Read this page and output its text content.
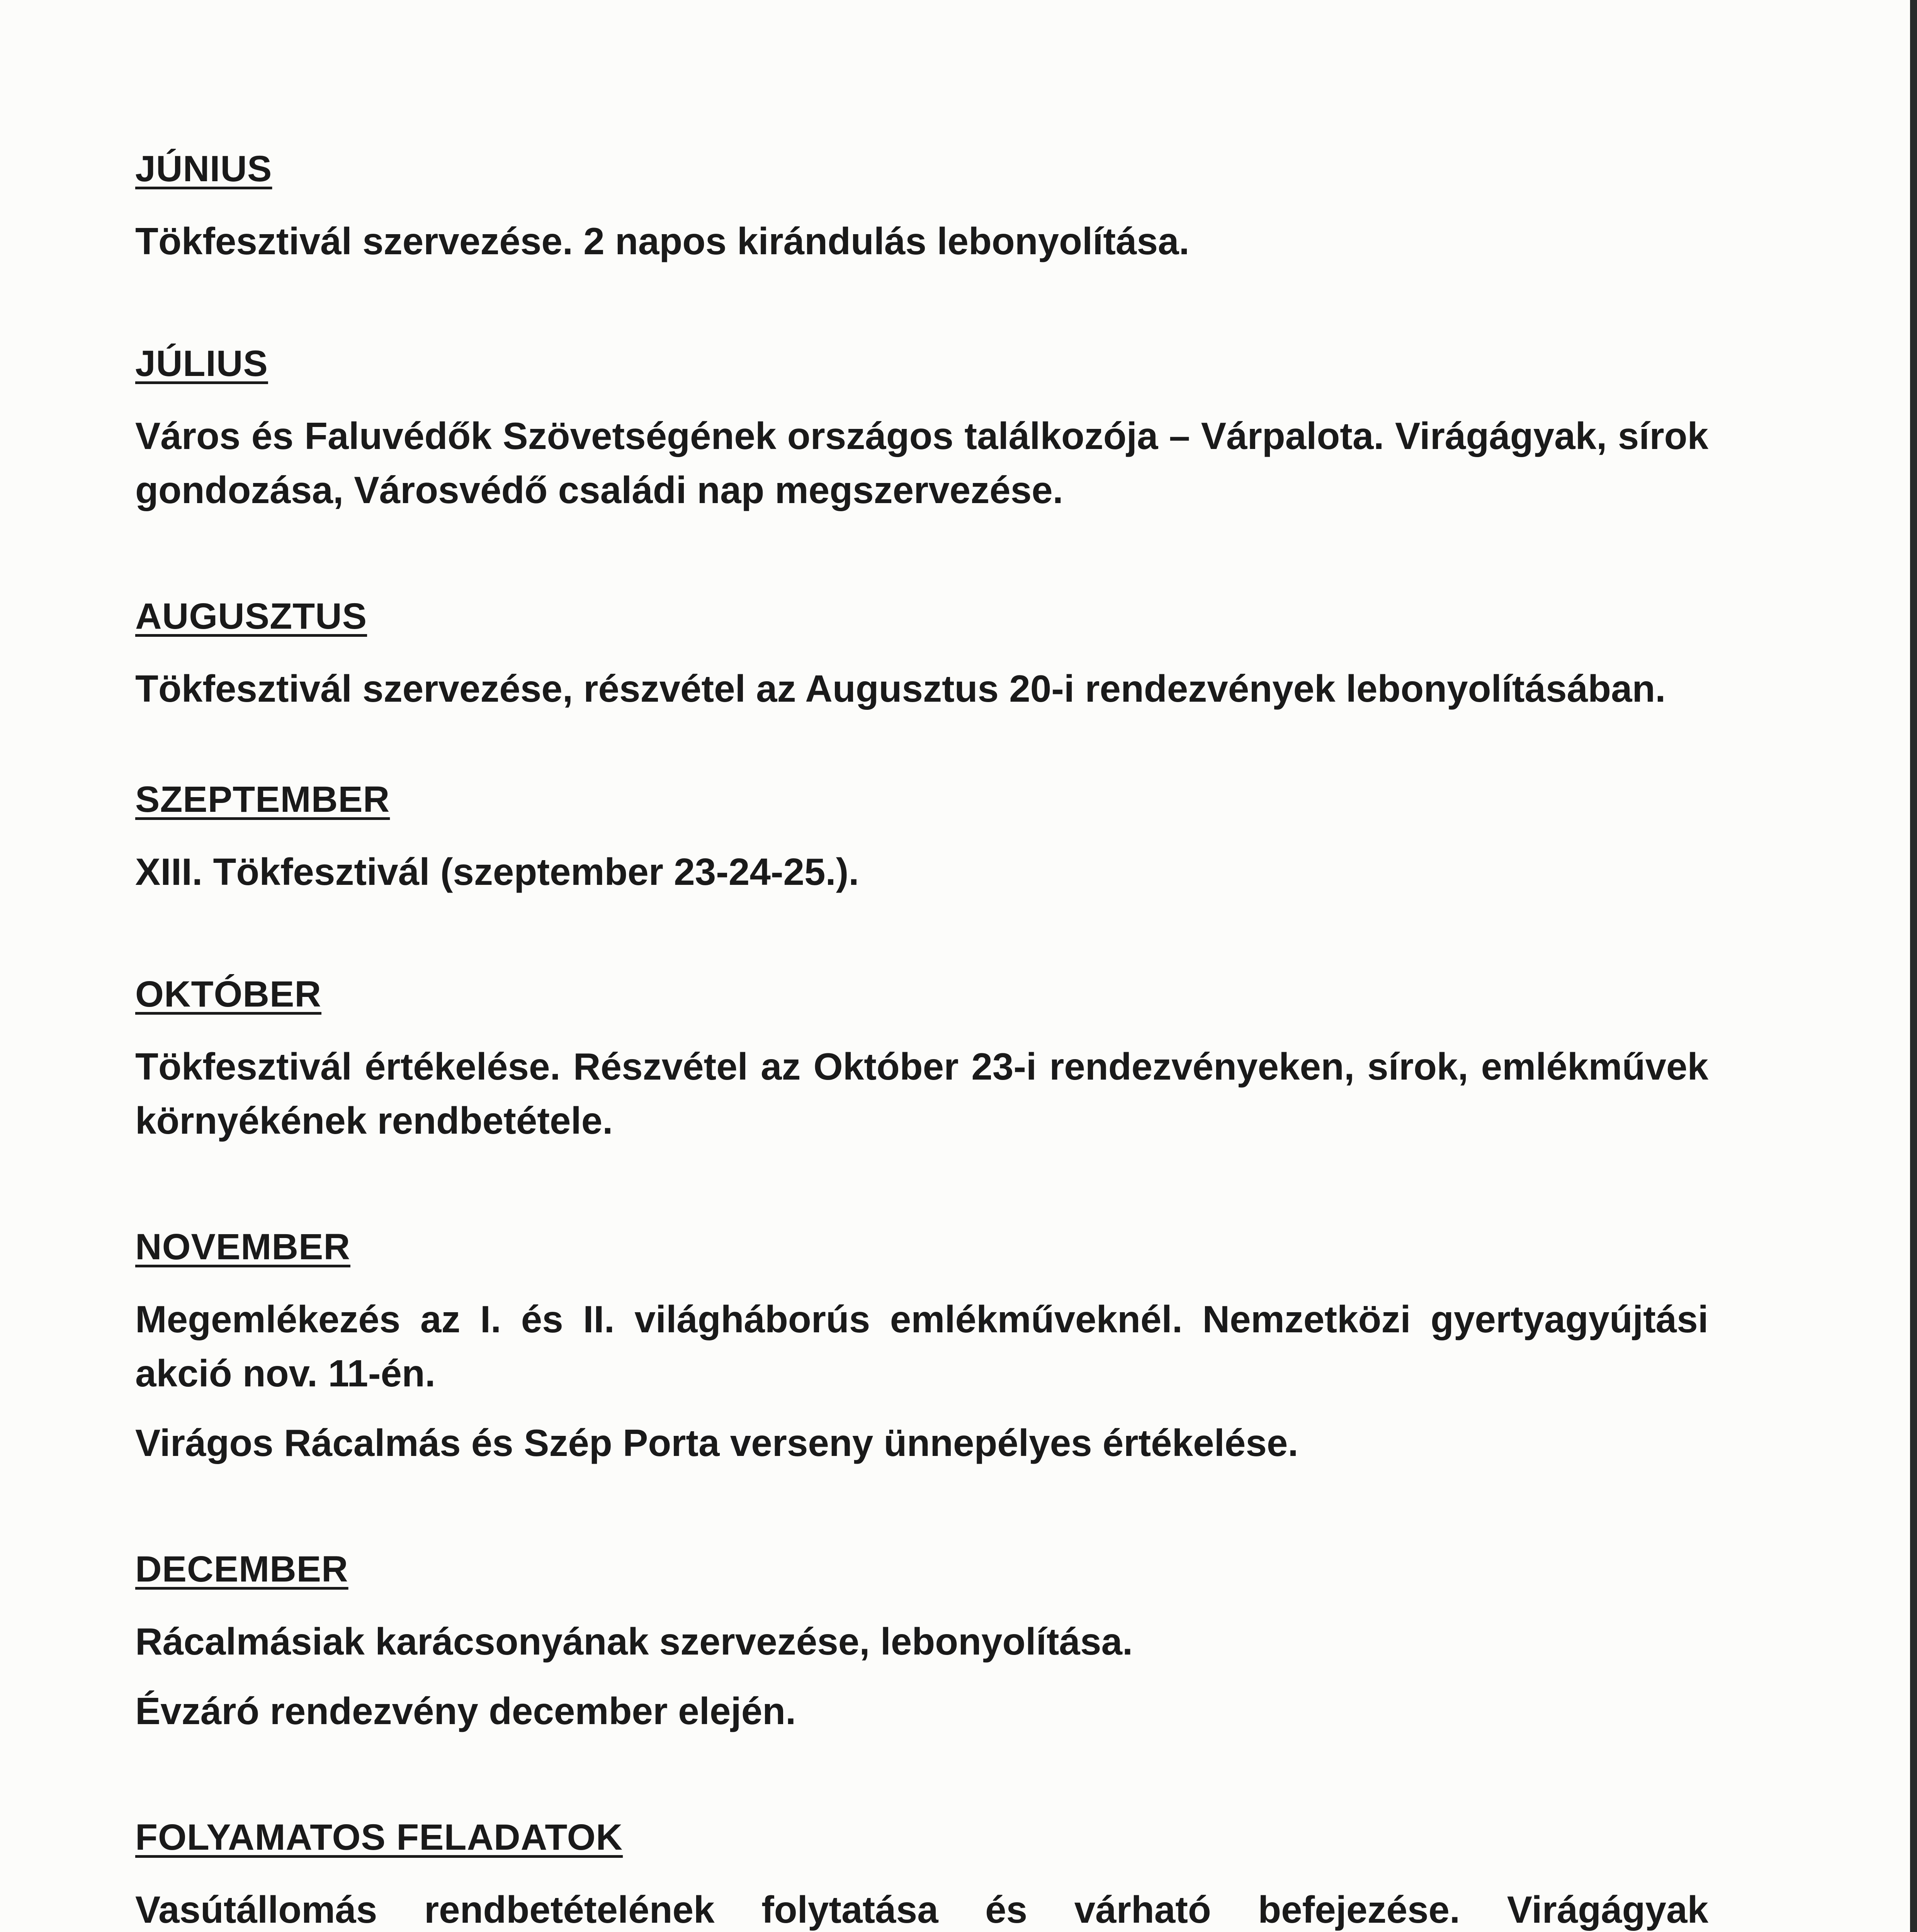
JÚNIUS

Tökfesztivál szervezése. 2 napos kirándulás lebonyolítása.

JÚLIUS

Város és Faluvédők Szövetségének országos találkozója – Várpalota. Virágágyak, sírok gondozása, Városvédő családi nap megszervezése.

AUGUSZTUS

Tökfesztivál szervezése, részvétel az Augusztus 20-i rendezvények lebonyolításában.

SZEPTEMBER

XIII. Tökfesztivál (szeptember 23-24-25.).

OKTÓBER

Tökfesztivál értékelése. Részvétel az Október 23-i rendezvényeken, sírok, emlékművek környékének rendbetétele.

NOVEMBER

Megemlékezés az I. és II. világháborús emlékműveknél. Nemzetközi gyertyagyújtási akció nov. 11-én.

Virágos Rácalmás és Szép Porta verseny ünnepélyes értékelése.

DECEMBER

Rácalmásiak karácsonyának szervezése, lebonyolítása.

Évzáró rendezvény december elején.

FOLYAMATOS FELADATOK

Vasútállomás rendbetételének folytatása és várható befejezése. Virágágyak
